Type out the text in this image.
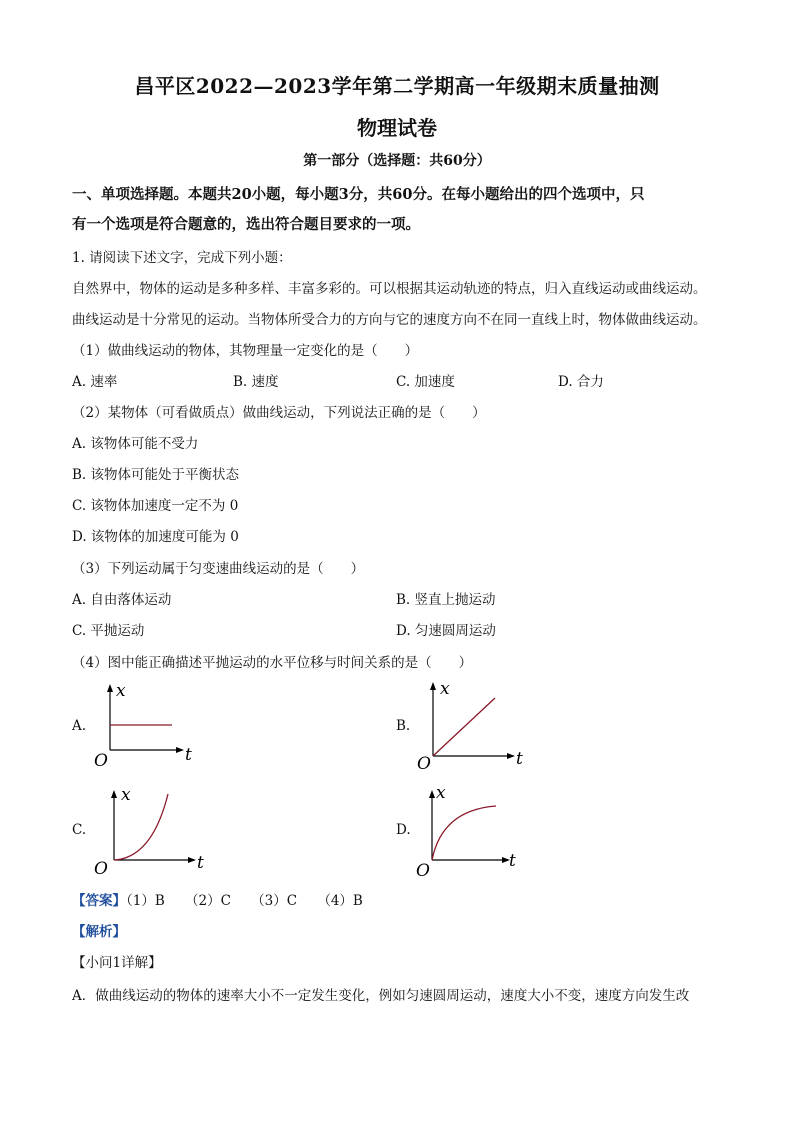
昌平区2022—2023学年第二学期高一年级期末质量抽测
物理试卷
第一部分（选择题：共60分）
一、单项选择题。本题共20小题，每小题3分，共60分。在每小题给出的四个选项中，只
有一个选项是符合题意的，选出符合题目要求的一项。
1. 请阅读下述文字，完成下列小题：
自然界中，物体的运动是多种多样、丰富多彩的。可以根据其运动轨迹的特点，归入直线运动或曲线运动。
曲线运动是十分常见的运动。当物体所受合力的方向与它的速度方向不在同一直线上时，物体做曲线运动。
（1）做曲线运动的物体，其物理量一定变化的是（　　）
A. 速率	B. 速度	C. 加速度	D. 合力
（2）某物体（可看做质点）做曲线运动，下列说法正确的是（　　）
A. 该物体可能不受力
B. 该物体可能处于平衡状态
C. 该物体加速度一定不为 0
D. 该物体的加速度可能为 0
（3）下列运动属于匀变速曲线运动的是（　　）
A. 自由落体运动	B. 竖直上抛运动
C. 平抛运动	D. 匀速圆周运动
（4）图中能正确描述平抛运动的水平位移与时间关系的是（　　）
A.
x
t
O
B.
x
t
O
C.
x
t
O
D.
x
t
O
【答案】（1）B　　（2）C　　（3）C　　（4）B
【解析】
【小问1详解】
A．做曲线运动的物体的速率大小不一定发生变化，例如匀速圆周运动，速度大小不变，速度方向发生改
